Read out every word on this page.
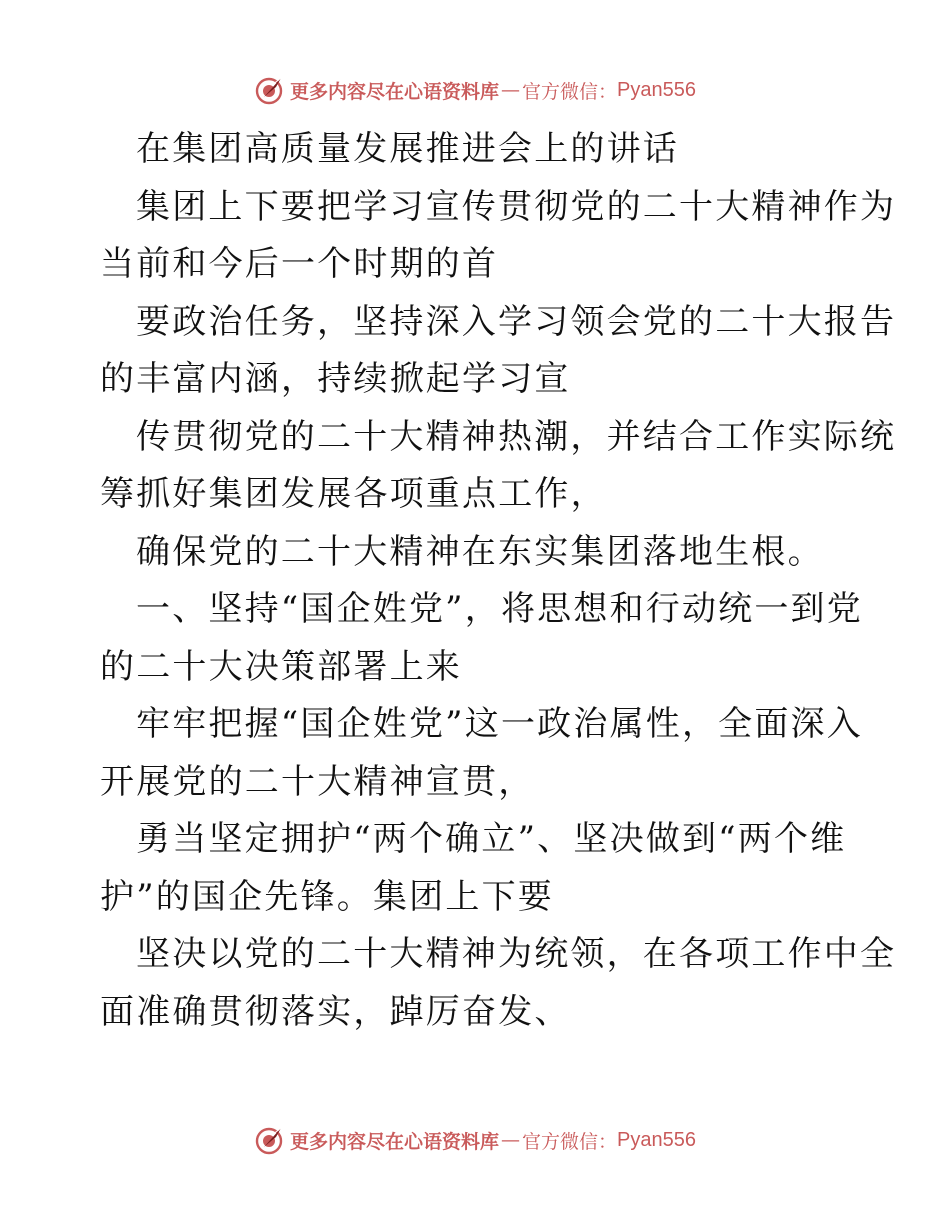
更多内容尽在心语资料库 — 官方微信： Pyan556
在集团高质量发展推进会上的讲话
集团上下要把学习宣传贯彻党的二十大精神作为
当前和今后一个时期的首
要政治任务，坚持深入学习领会党的二十大报告
的丰富内涵，持续掀起学习宣
传贯彻党的二十大精神热潮，并结合工作实际统
筹抓好集团发展各项重点工作，
确保党的二十大精神在东实集团落地生根。
一、坚持“国企姓党”，将思想和行动统一到党
的二十大决策部署上来
牢牢把握“国企姓党”这一政治属性，全面深入
开展党的二十大精神宣贯，
勇当坚定拥护“两个确立”、坚决做到“两个维
护”的国企先锋。集团上下要
坚决以党的二十大精神为统领，在各项工作中全
面准确贯彻落实，踔厉奋发、
更多内容尽在心语资料库 — 官方微信： Pyan556
